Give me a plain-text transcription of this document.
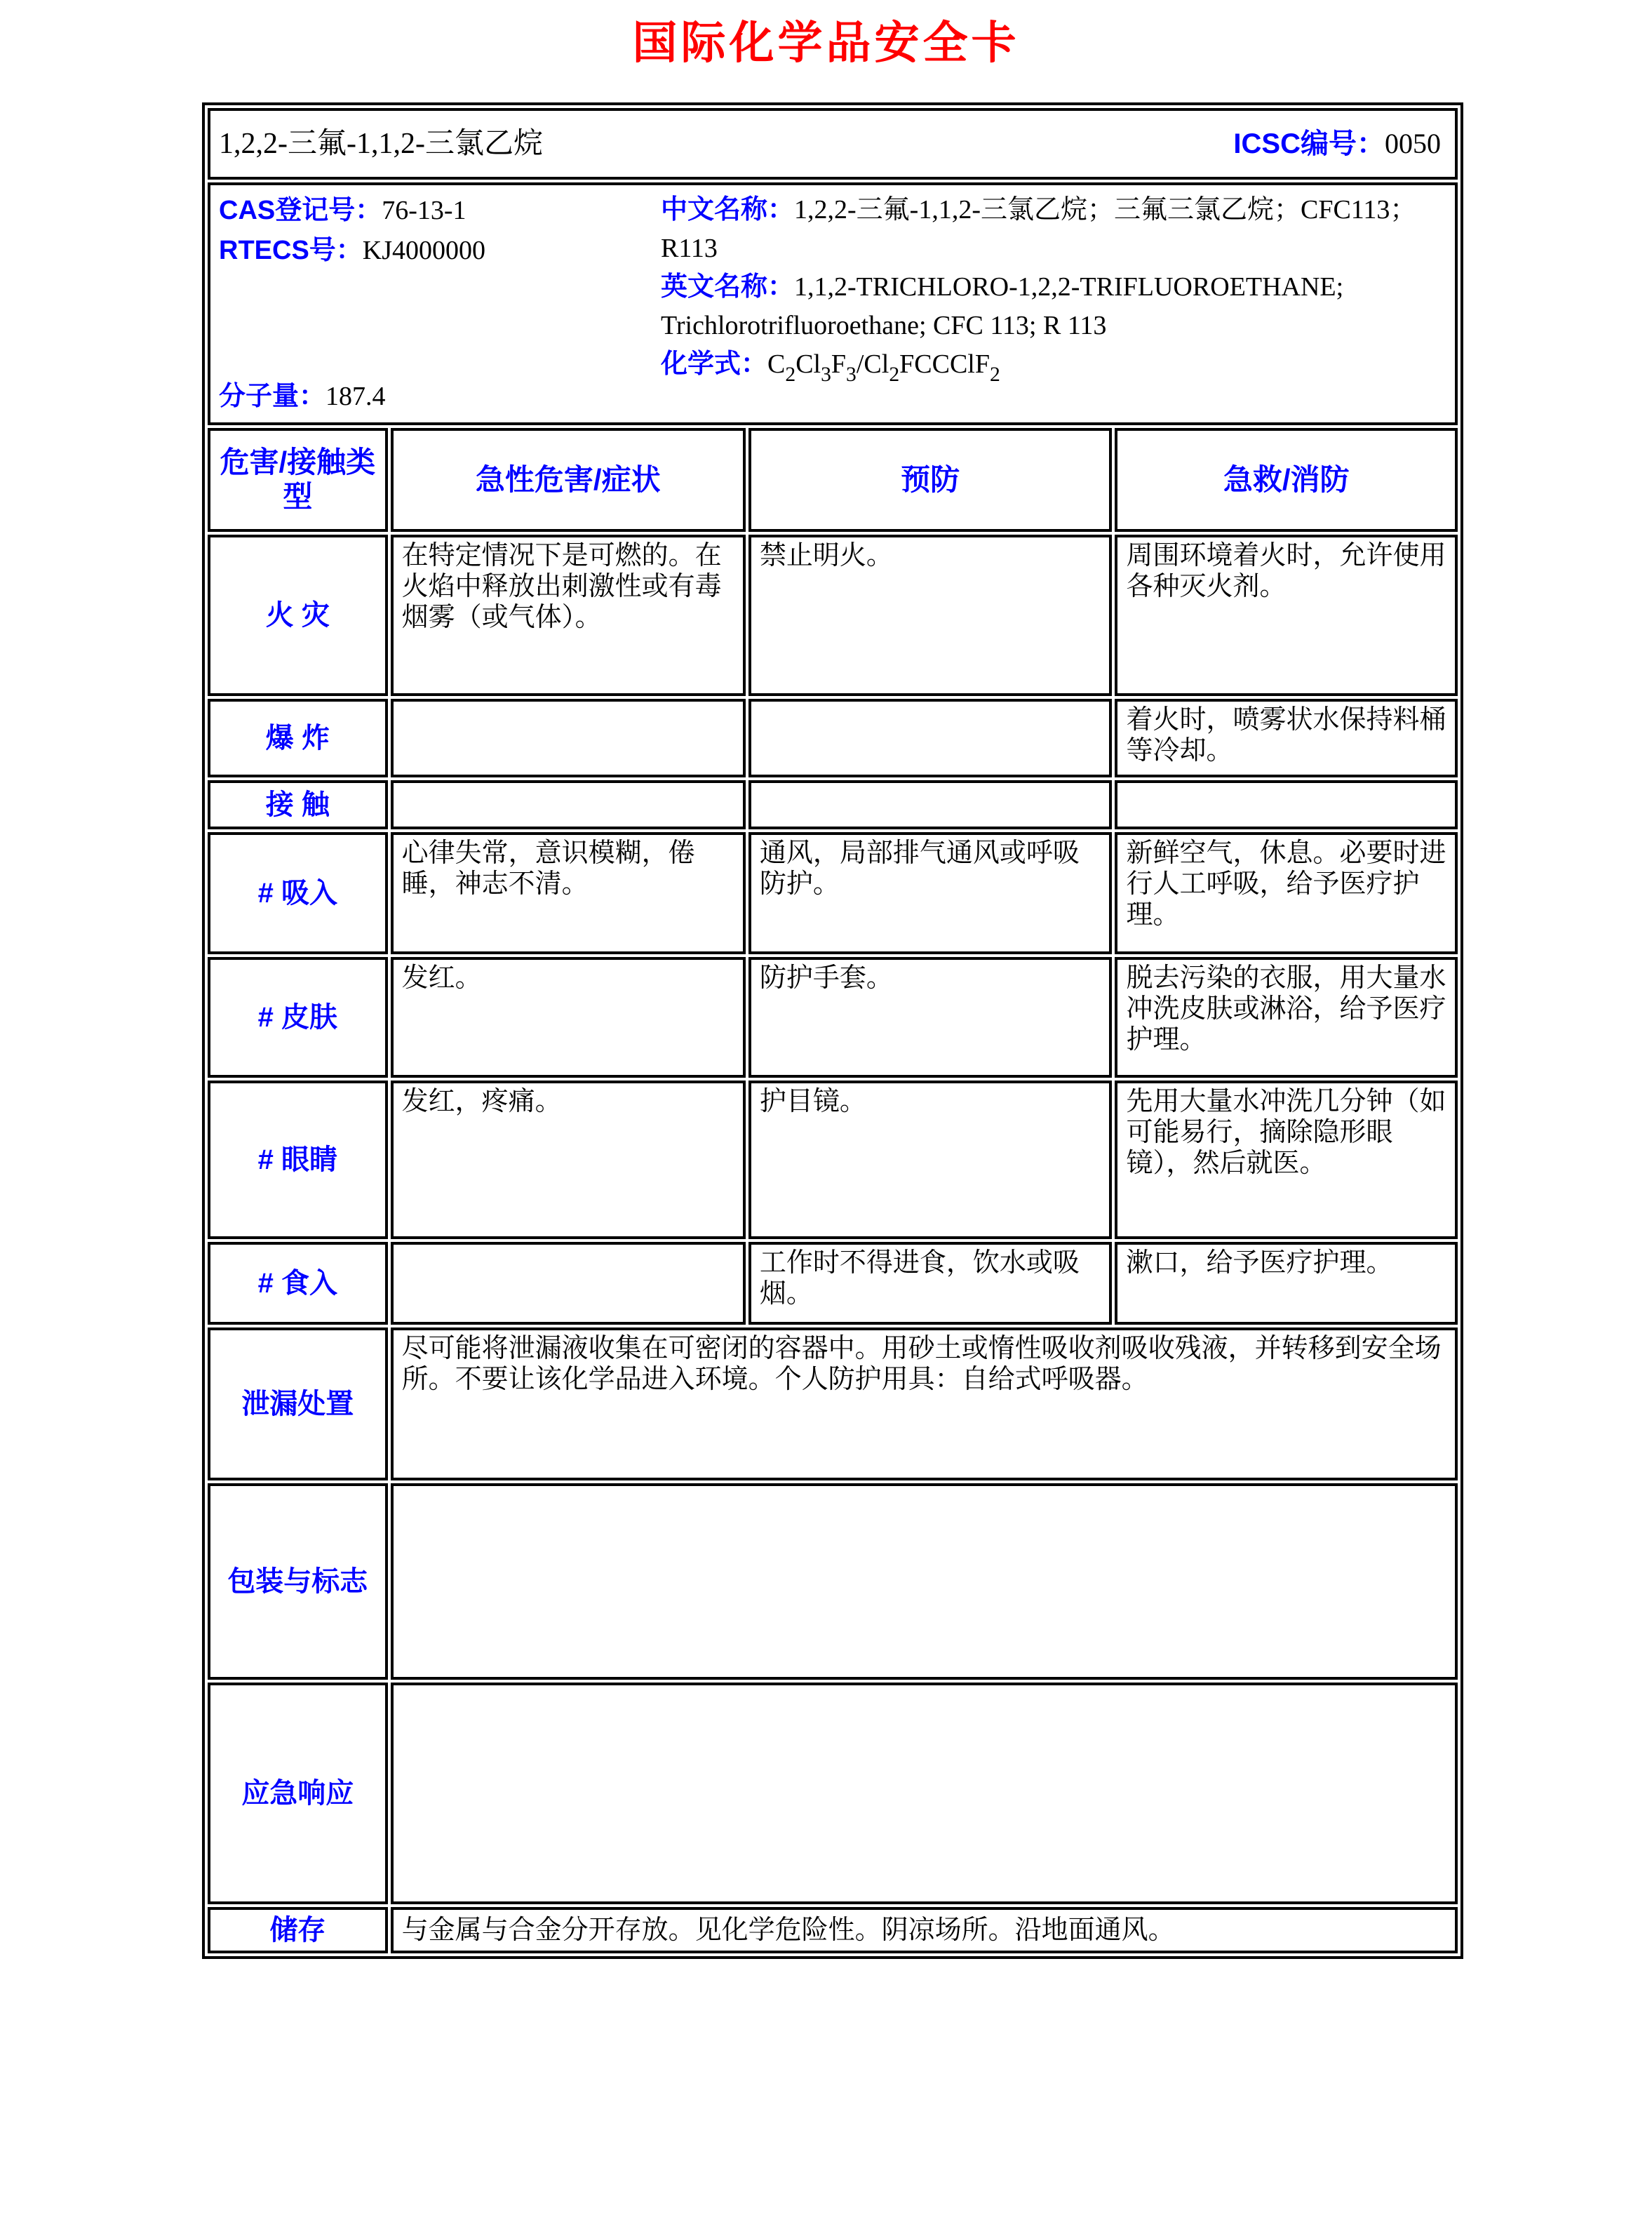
国际化学品安全卡
1,2,2-三氟-1,1,2-三氯乙烷 ICSC编号：0050			

CAS登记号：76-13-1
RTECS号：KJ4000000
分子量：187.4
中文名称：1,2,2-三氟-1,1,2-三氯乙烷；三氟三氯乙烷；CFC113；R113
英文名称：1,1,2-TRICHLORO-1,2,2-TRIFLUOROETHANE; Trichlorotrifluoroethane; CFC 113; R 113
化学式：$C_2Cl_3F_3/Cl_2FCCClF_2$

危害/接触类型	急性危害/症状	预防	急救/消防
火 灾	在特定情况下是可燃的。在火焰中释放出刺激性或有毒烟雾（或气体）。	禁止明火。	周围环境着火时，允许使用各种灭火剂。
爆 炸			着火时，喷雾状水保持料桶等冷却。
接 触			
# 吸入	心律失常，意识模糊，倦睡，神志不清。	通风，局部排气通风或呼吸防护。	新鲜空气，休息。必要时进行人工呼吸，给予医疗护理。
# 皮肤	发红。	防护手套。	脱去污染的衣服，用大量水冲洗皮肤或淋浴，给予医疗护理。
# 眼睛	发红，疼痛。	护目镜。	先用大量水冲洗几分钟（如可能易行，摘除隐形眼镜），然后就医。
# 食入		工作时不得进食，饮水或吸烟。	漱口，给予医疗护理。
泄漏处置	尽可能将泄漏液收集在可密闭的容器中。用砂土或惰性吸收剂吸收残液，并转移到安全场所。不要让该化学品进入环境。个人防护用具：自给式呼吸器。		
包装与标志			
应急响应			
储存	与金属与合金分开存放。见化学危险性。阴凉场所。沿地面通风。		
